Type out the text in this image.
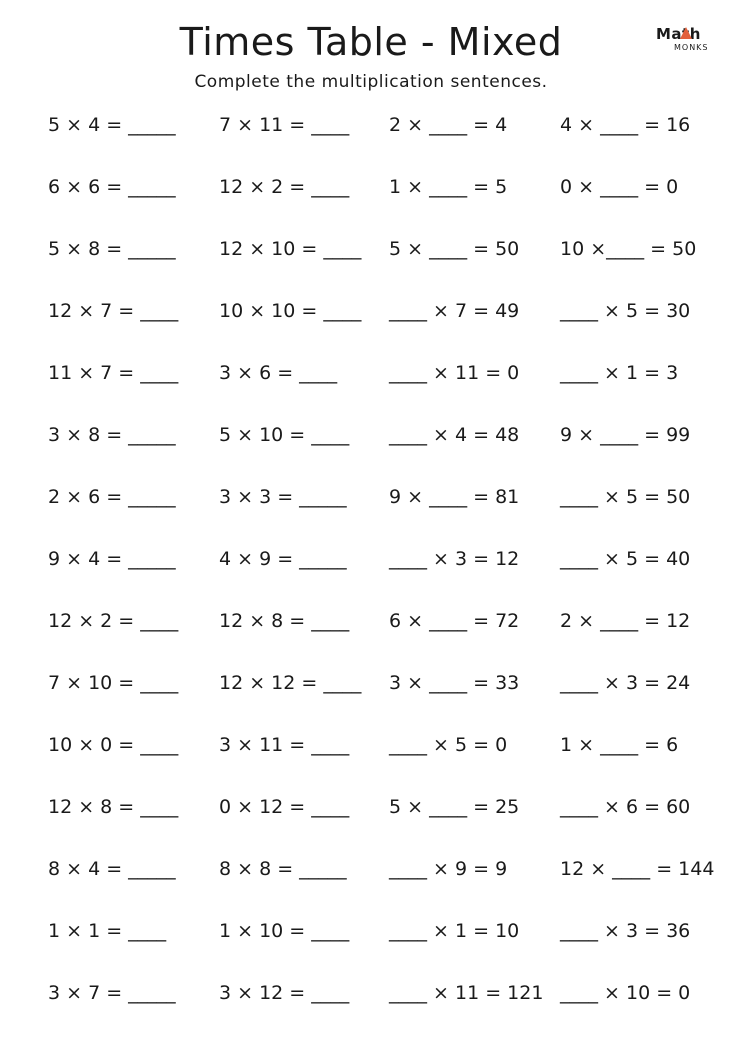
Times Table - Mixed
Complete the multiplication sentences.
Math
MONKS
5 × 4 = _____
6 × 6 = _____
5 × 8 = _____
12 × 7 = ____
11 × 7 = ____
3 × 8 = _____
2 × 6 = _____
9 × 4 = _____
12 × 2 = ____
7 × 10 = ____
10 × 0 = ____
12 × 8 = ____
8 × 4 = _____
1 × 1 = ____
3 × 7 = _____
7 × 11 = ____
12 × 2 = ____
12 × 10 = ____
10 × 10 = ____
3 × 6 = ____
5 × 10 = ____
3 × 3 = _____
4 × 9 = _____
12 × 8 = ____
12 × 12 = ____
3 × 11 = ____
0 × 12 = ____
8 × 8 = _____
1 × 10 = ____
3 × 12 = ____
2 × ____ = 4
1 × ____ = 5
5 × ____ = 50
____ × 7 = 49
____ × 11 = 0
____ × 4 = 48
9 × ____ = 81
____ × 3 = 12
6 × ____ = 72
3 × ____ = 33
____ × 5 = 0
5 × ____ = 25
____ × 9 = 9
____ × 1 = 10
____ × 11 = 121
4 × ____ = 16
0 × ____ = 0
10 ×____ = 50
____ × 5 = 30
____ × 1 = 3
9 × ____ = 99
____ × 5 = 50
____ × 5 = 40
2 × ____ = 12
____ × 3 = 24
1 × ____ = 6
____ × 6 = 60
12 × ____ = 144
____ × 3 = 36
____ × 10 = 0
